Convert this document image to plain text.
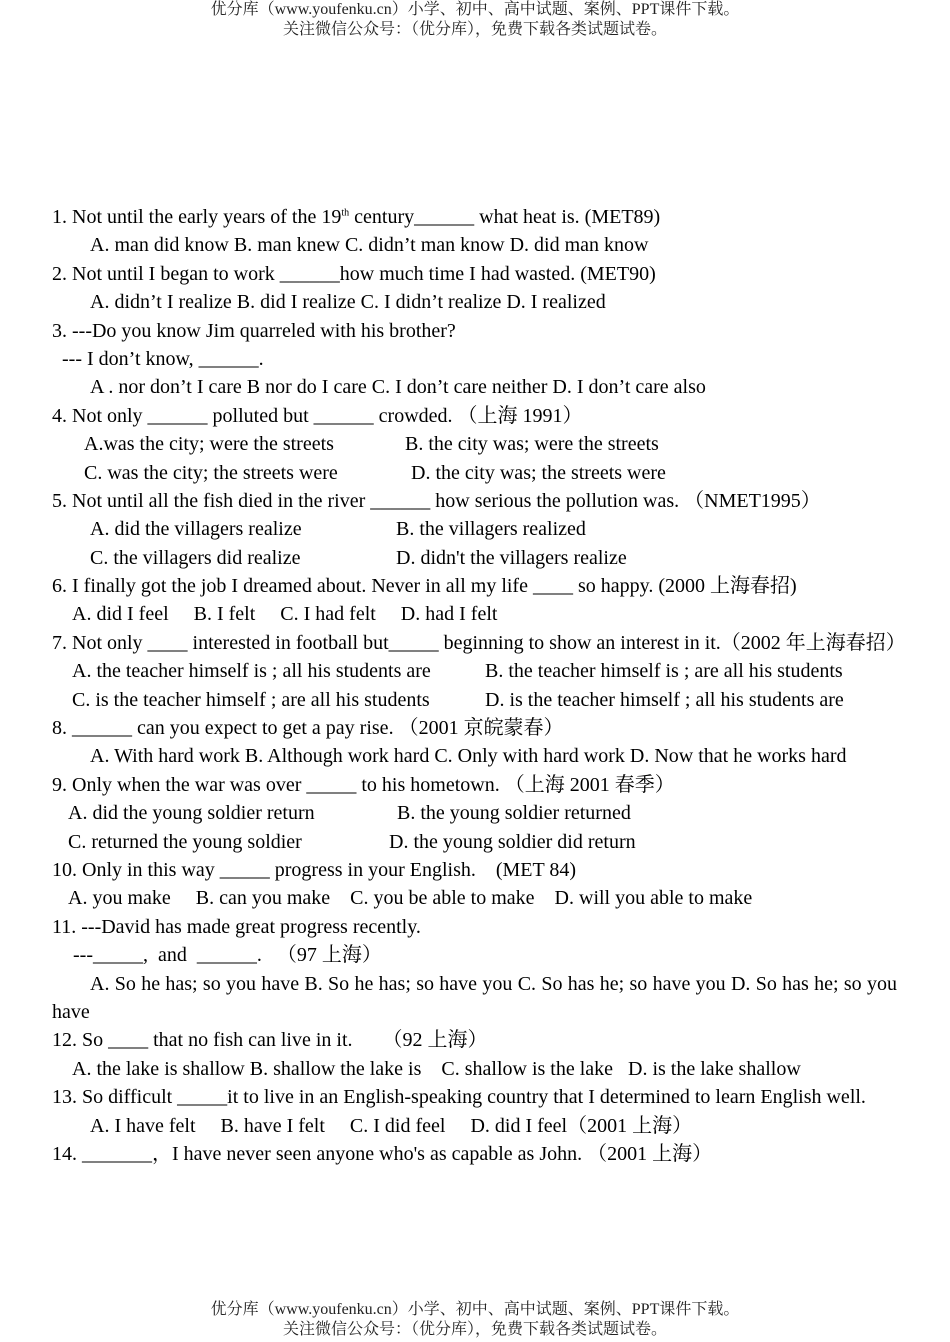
优分库（www.youfenku.cn）小学、初中、高中试题、案例、PPT课件下载。
关注微信公众号：（优分库），免费下载各类试题试卷。
1. Not until the early years of the 19th century______ what heat is. (MET89)
A. man did know B. man knew C. didn’t man know D. did man know
2. Not until I began to work ______how much time I had wasted. (MET90)
A. didn’t I realize B. did I realize C. I didn’t realize D. I realized
3. ---Do you know Jim quarreled with his brother?
--- I don’t know, ______.
A . nor don’t I care B nor do I care C. I don’t care neither D. I don’t care also
4. Not only ______ polluted but ______ crowded. （上海 1991）
A.was the city; were the streets	B. the city was; were the streets
C. was the city; the streets were	D. the city was; the streets were
5. Not until all the fish died in the river ______ how serious the pollution was. （NMET1995）
A. did the villagers realize	B. the villagers realized
C. the villagers did realize	D. didn't the villagers realize
6. I finally got the job I dreamed about. Never in all my life ____ so happy. (2000 上海春招)
A. did I feel     B. I felt     C. I had felt     D. had I felt
7. Not only ____ interested in football but_____ beginning to show an interest in it.（2002 年上海春招）
A. the teacher himself is ; all his students are	B. the teacher himself is ; are all his students
C. is the teacher himself ; are all his students	D. is the teacher himself ; all his students are
8. ______ can you expect to get a pay rise. （2001 京皖蒙春）
A. With hard work B. Although work hard C. Only with hard work D. Now that he works hard
9. Only when the war was over _____ to his hometown. （上海 2001 春季）
A. did the young soldier return	B. the young soldier returned
C. returned the young soldier	D. the young soldier did return
10. Only in this way _____ progress in your English.    (MET 84)
A. you make     B. can you make    C. you be able to make    D. will you able to make
11. ---David has made great progress recently.
---_____,  and  ______.   （97 上海）
A. So he has; so you have B. So he has; so have you C. So has he; so have you D. So has he; so you have
12. So ____ that no fish can live in it.      （92 上海）
A. the lake is shallow B. shallow the lake is    C. shallow is the lake   D. is the lake shallow
13. So difficult _____it to live in an English-speaking country that I determined to learn English well.
A. I have felt     B. have I felt     C. I did feel     D. did I feel（2001 上海）
14. _______，I have never seen anyone who's as capable as John. （2001 上海）
优分库（www.youfenku.cn）小学、初中、高中试题、案例、PPT课件下载。
关注微信公众号：（优分库），免费下载各类试题试卷。
